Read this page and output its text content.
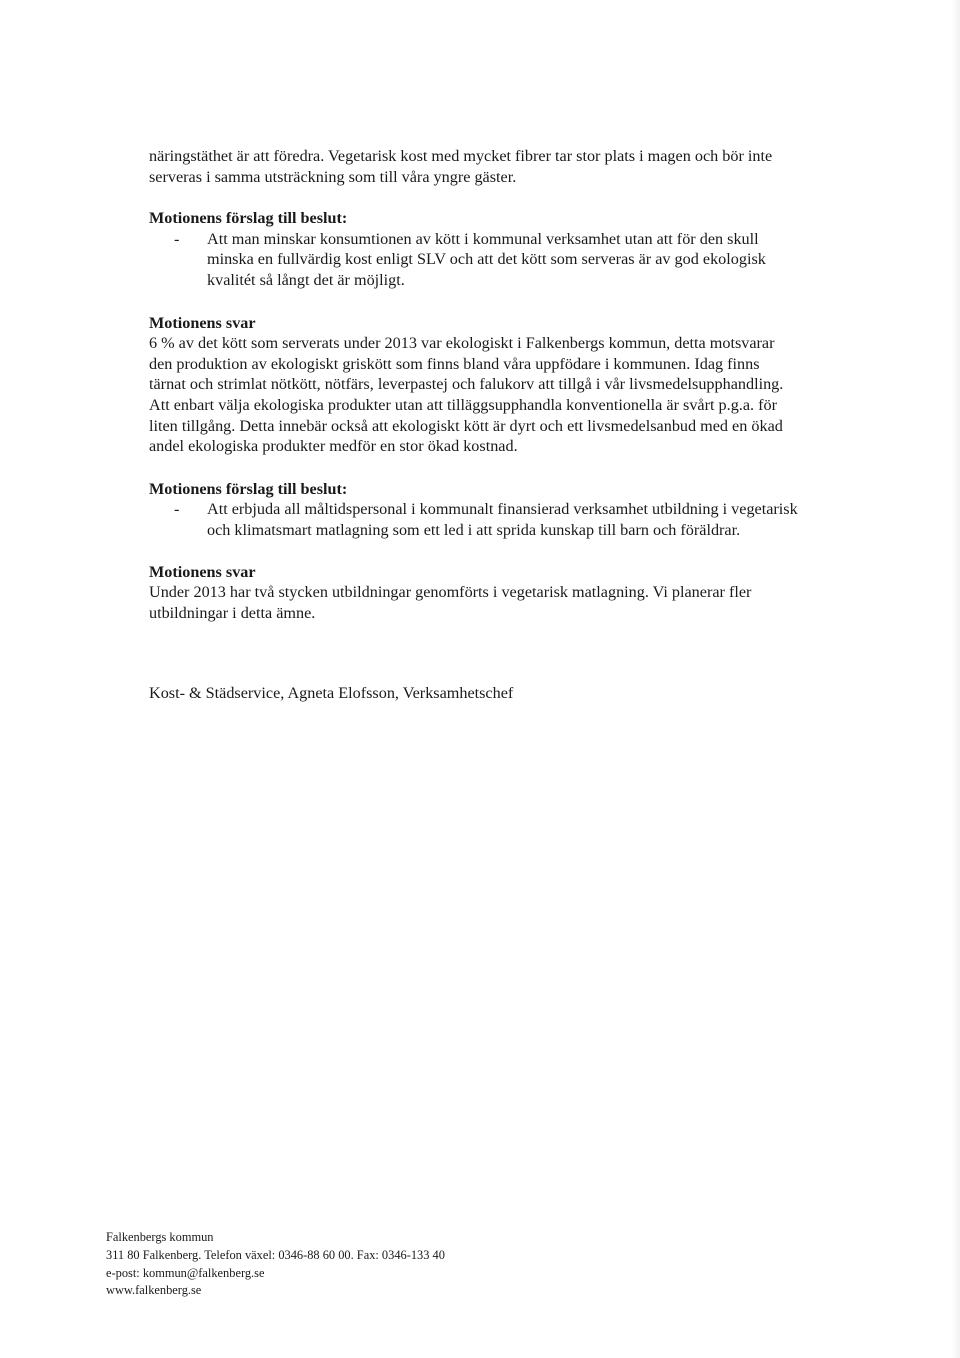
näringstäthet är att föredra. Vegetarisk kost med mycket fibrer tar stor plats i magen och bör inte

serveras i samma utsträckning som till våra yngre gäster.

Motionens förslag till beslut:

- Att man minskar konsumtionen av kött i kommunal verksamhet utan att för den skull

minska en fullvärdig kost enligt SLV och att det kött som serveras är av god ekologisk

kvalitét så långt det är möjligt.

Motionens svar

6 % av det kött som serverats under 2013 var ekologiskt i Falkenbergs kommun, detta motsvarar

den produktion av ekologiskt griskött som finns bland våra uppfödare i kommunen. Idag finns

tärnat och strimlat nötkött, nötfärs, leverpastej och falukorv att tillgå i vår livsmedelsupphandling.

Att enbart välja ekologiska produkter utan att tilläggsupphandla konventionella är svårt p.g.a. för

liten tillgång. Detta innebär också att ekologiskt kött är dyrt och ett livsmedelsanbud med en ökad

andel ekologiska produkter medför en stor ökad kostnad.

Motionens förslag till beslut:

- Att erbjuda all måltidspersonal i kommunalt finansierad verksamhet utbildning i vegetarisk

och klimatsmart matlagning som ett led i att sprida kunskap till barn och föräldrar.

Motionens svar

Under 2013 har två stycken utbildningar genomförts i vegetarisk matlagning. Vi planerar fler

utbildningar i detta ämne.

Kost- & Städservice, Agneta Elofsson, Verksamhetschef

Falkenbergs kommun

311 80 Falkenberg. Telefon växel: 0346-88 60 00. Fax: 0346-133 40

e-post: kommun@falkenberg.se

www.falkenberg.se
